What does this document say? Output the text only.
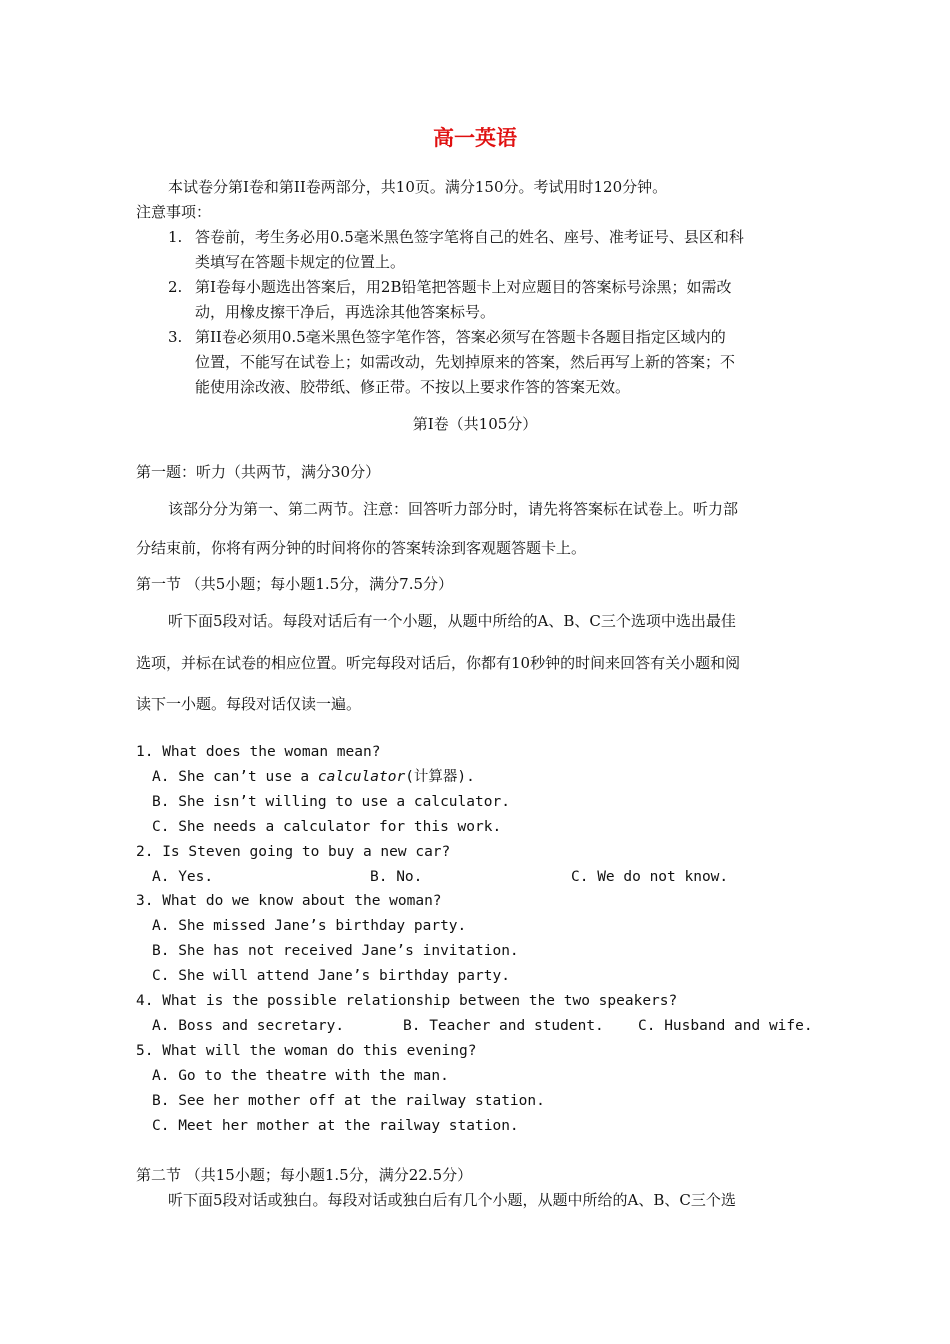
高一英语
本试卷分第Ⅰ卷和第II卷两部分，共10页。满分150分。考试用时120分钟。
注意事项：
1. 答卷前，考生务必用0.5毫米黑色签字笔将自己的姓名、座号、准考证号、县区和科
类填写在答题卡规定的位置上。
2. 第Ⅰ卷每小题选出答案后，用2B铅笔把答题卡上对应题目的答案标号涂黑；如需改
动，用橡皮擦干净后，再选涂其他答案标号。
3. 第II卷必须用0.5毫米黑色签字笔作答，答案必须写在答题卡各题目指定区域内的
位置，不能写在试卷上；如需改动，先划掉原来的答案，然后再写上新的答案；不
能使用涂改液、胶带纸、修正带。不按以上要求作答的答案无效。
第Ⅰ卷（共105分）
第一题：听力（共两节，满分30分）
该部分分为第一、第二两节。注意：回答听力部分时，请先将答案标在试卷上。听力部
分结束前，你将有两分钟的时间将你的答案转涂到客观题答题卡上。
第一节 （共5小题；每小题1.5分，满分7.5分）
听下面5段对话。每段对话后有一个小题，从题中所给的A、B、C三个选项中选出最佳
选项，并标在试卷的相应位置。听完每段对话后，你都有10秒钟的时间来回答有关小题和阅
读下一小题。每段对话仅读一遍。
1. What does the woman mean?
A. She can’t use a calculator(计算器).
B. She isn’t willing to use a calculator.
C. She needs a calculator for this work.
2. Is Steven going to buy a new car?
A. Yes.	B. No.	C. We do not know.
3. What do we know about the woman?
A. She missed Jane’s birthday party.
B. She has not received Jane’s invitation.
C. She will attend Jane’s birthday party.
4. What is the possible relationship between the two speakers?
A. Boss and secretary.	B. Teacher and student. C. Husband and wife.
5. What will the woman do this evening?
A. Go to the theatre with the man.
B. See her mother off at the railway station.
C. Meet her mother at the railway station.
第二节 （共15小题；每小题1.5分，满分22.5分）
听下面5段对话或独白。每段对话或独白后有几个小题，从题中所给的A、B、C三个选
